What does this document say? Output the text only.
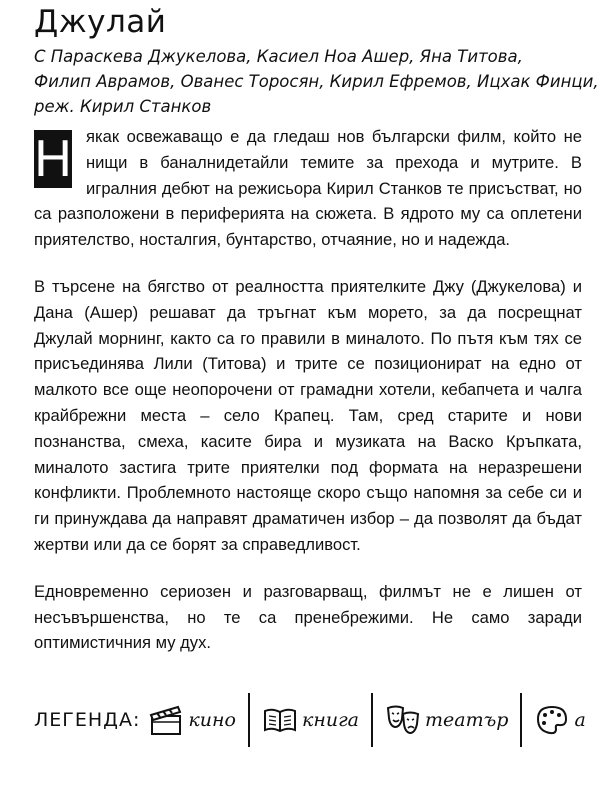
Джулай
С Параскева Джукелова, Касиел Ноа Ашер, Яна Титова,
Филип Аврамов, Ованес Торосян, Кирил Ефремов, Ицхак Финци,
реж. Кирил Станков

Н якак освежаващо е да гледаш нов български филм, който не нищи в баналнидетайли темите за прехода и мутрите. В игралния дебют на режисьора Кирил Станков те присъстват, но са разположени в периферията на сюжета. В ядрото му са оплетени приятелство, носталгия, бунтарство, отчаяние, но и надежда.

В търсене на бягство от реалността приятелките Джу (Джукелова) и Дана (Ашер) решават да тръгнат към морето, за да посрещнат Джулай морнинг, както са го правили в миналото. По пътя към тях се присъединява Лили (Титова) и трите се позиционират на едно от малкото все още неопорочени от грамадни хотели, кебапчета и чалга крайбрежни места – село Крапец. Там, сред старите и нови познанства, смеха, касите бира и музиката на Васко Кръпката, миналото застига трите приятелки под формата на неразрешени конфликти. Проблемното настояще скоро също напомня за себе си и ги принуждава да направят драматичен избор – да позволят да бъдат жертви или да се борят за справедливост.

Едновременно сериозен и разговарващ, филмът не е лишен от несъвършенства, но те са пренебрежими. Не само заради оптимистичния му дух.

ЛЕГЕНДА:	кино	книга	театър	а
